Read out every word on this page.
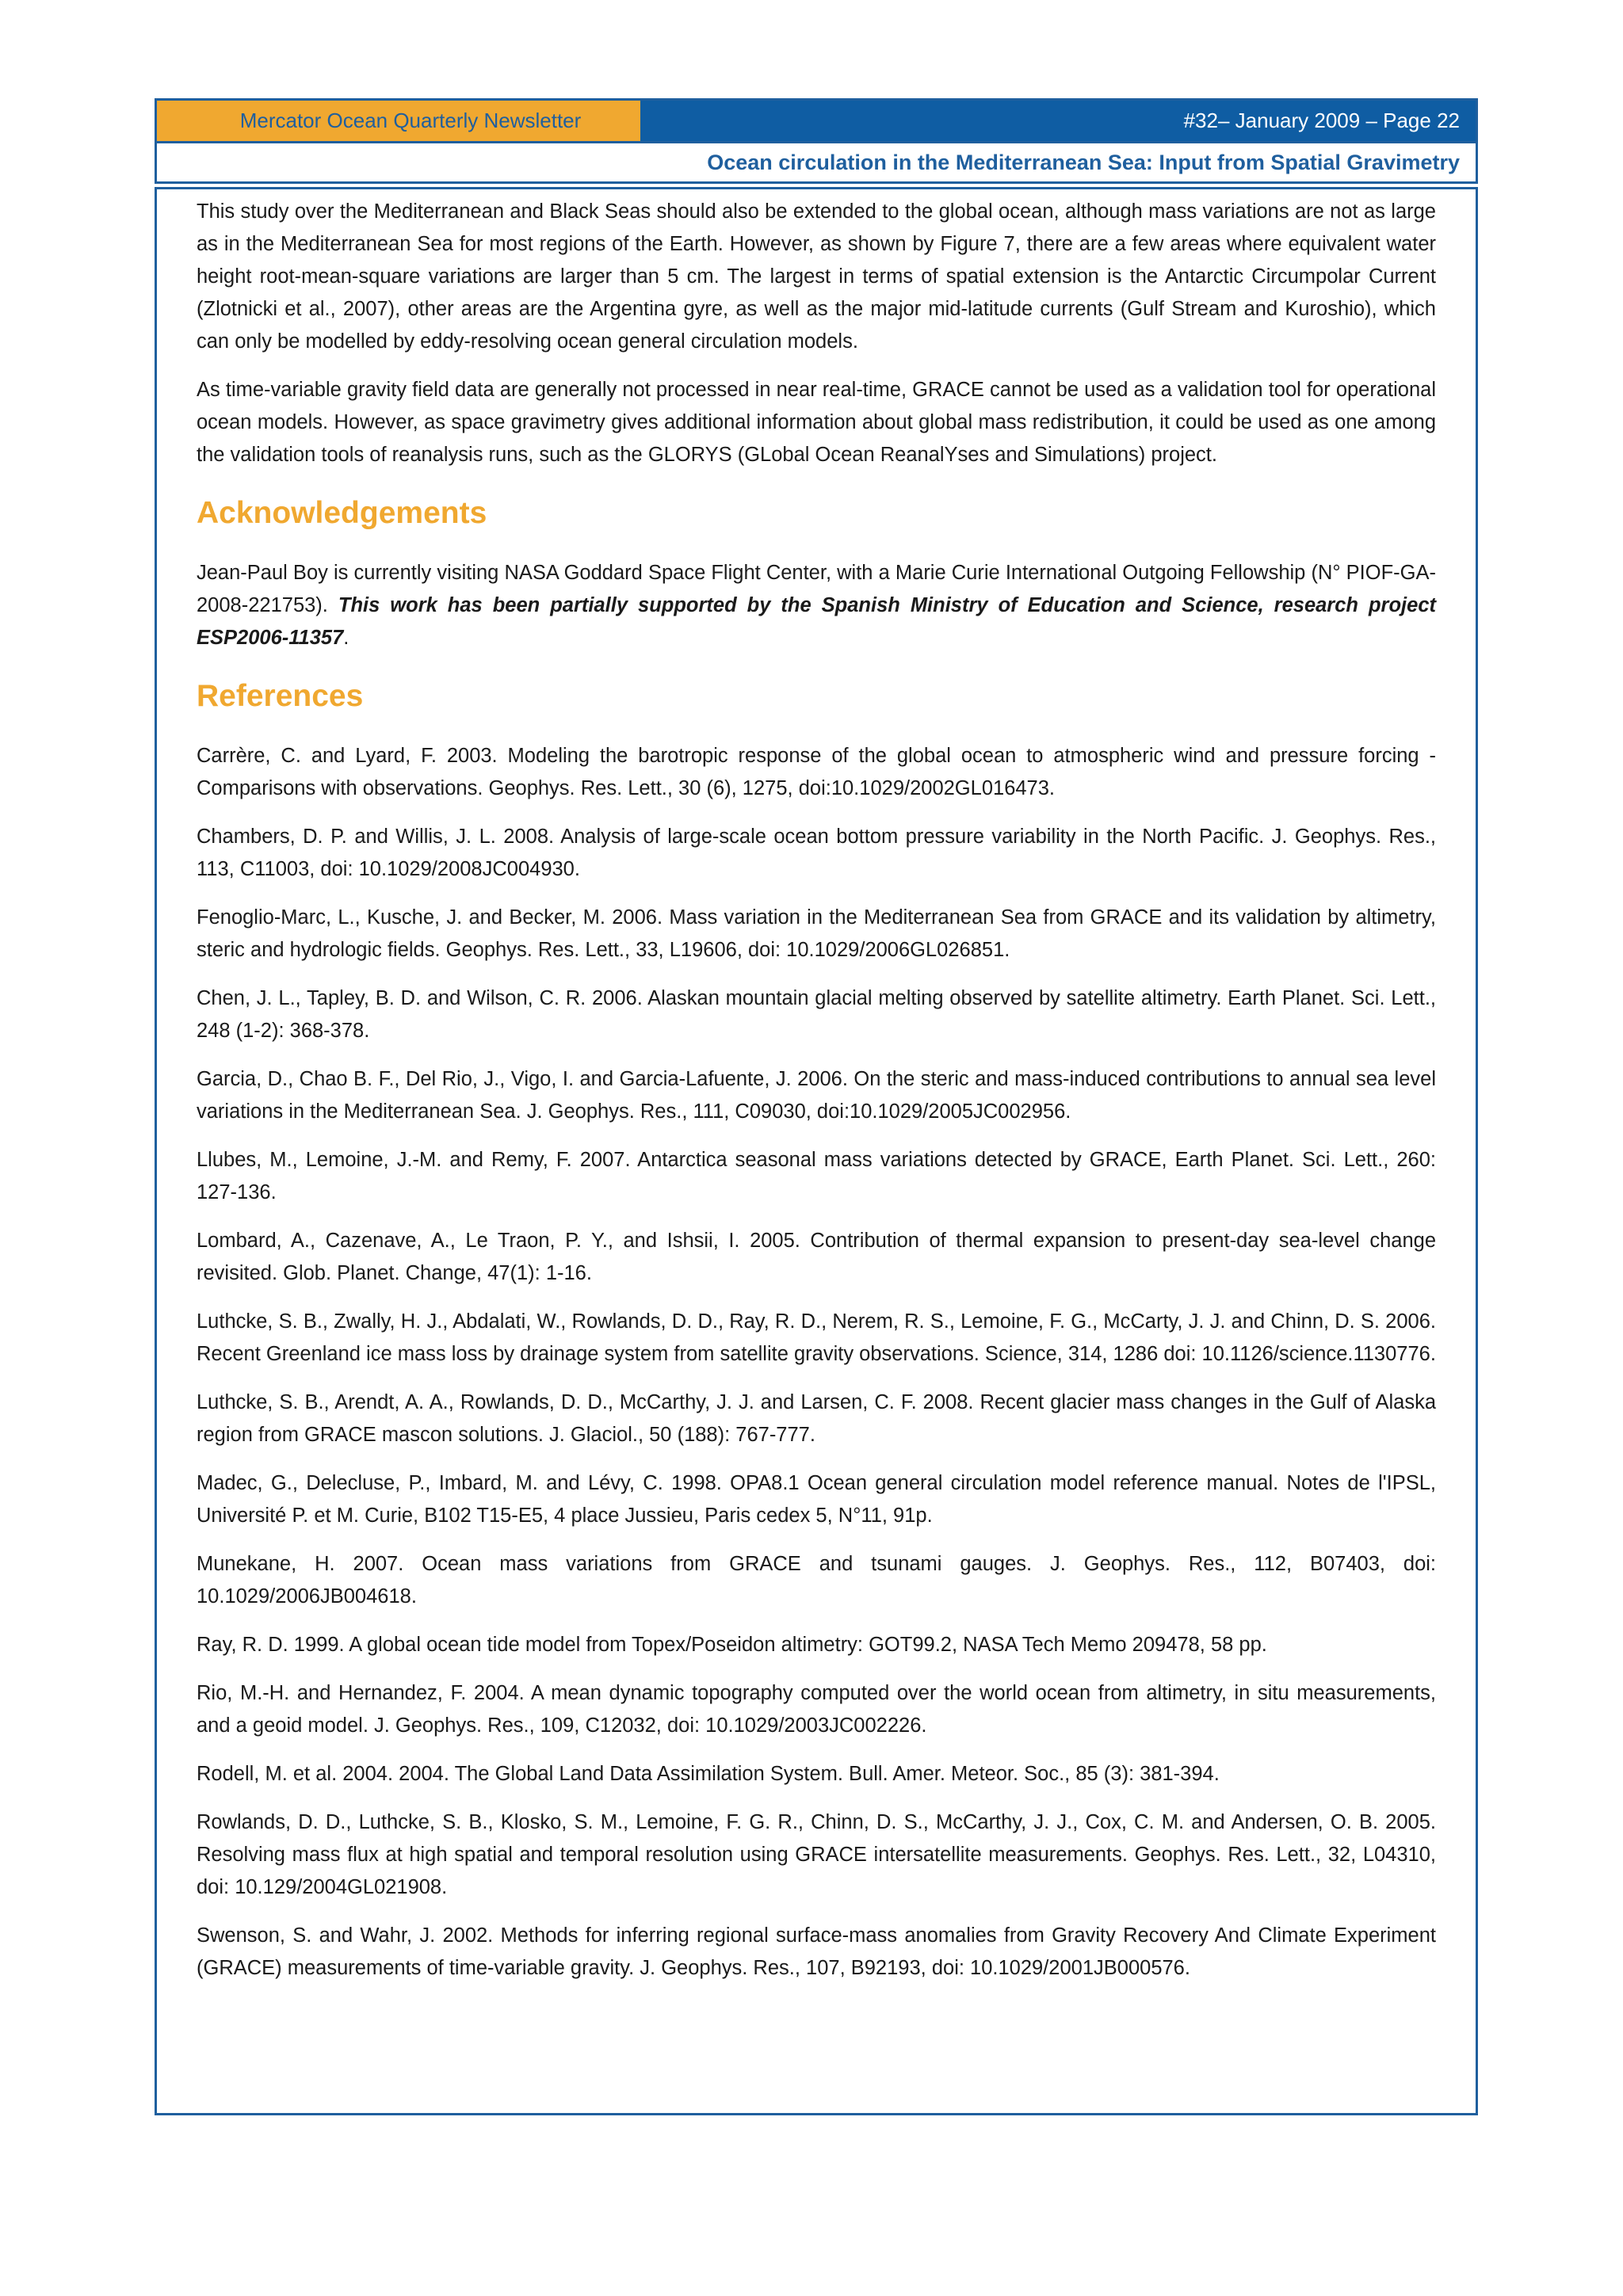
Mercator Ocean Quarterly Newsletter	#32– January 2009 – Page 22
Ocean circulation in the Mediterranean Sea: Input from Spatial Gravimetry

This study over the Mediterranean and Black Seas should also be extended to the global ocean, although mass variations are not as large as in the Mediterranean Sea for most regions of the Earth. However, as shown by Figure 7, there are a few areas where equivalent water height root-mean-square variations are larger than 5 cm. The largest in terms of spatial extension is the Antarctic Circumpolar Current (Zlotnicki et al., 2007), other areas are the Argentina gyre, as well as the major mid-latitude currents (Gulf Stream and Kuroshio), which can only be modelled by eddy-resolving ocean general circulation models.

As time-variable gravity field data are generally not processed in near real-time, GRACE cannot be used as a validation tool for operational ocean models. However, as space gravimetry gives additional information about global mass redistribution, it could be used as one among the validation tools of reanalysis runs, such as the GLORYS (GLobal Ocean ReanalYses and Simulations) project.

Acknowledgements

Jean-Paul Boy is currently visiting NASA Goddard Space Flight Center, with a Marie Curie International Outgoing Fellowship (N° PIOF-GA-2008-221753). This work has been partially supported by the Spanish Ministry of Education and Science, research project ESP2006-11357.

References

Carrère, C. and Lyard, F. 2003. Modeling the barotropic response of the global ocean to atmospheric wind and pressure forcing - Comparisons with observations. Geophys. Res. Lett., 30 (6), 1275, doi:10.1029/2002GL016473.

Chambers, D. P. and Willis, J. L. 2008. Analysis of large-scale ocean bottom pressure variability in the North Pacific. J. Geophys. Res., 113, C11003, doi: 10.1029/2008JC004930.

Fenoglio-Marc, L., Kusche, J. and Becker, M. 2006. Mass variation in the Mediterranean Sea from GRACE and its validation by altimetry, steric and hydrologic fields. Geophys. Res. Lett., 33, L19606, doi: 10.1029/2006GL026851.

Chen, J. L., Tapley, B. D. and Wilson, C. R. 2006. Alaskan mountain glacial melting observed by satellite altimetry. Earth Planet. Sci. Lett., 248 (1-2): 368-378.

Garcia, D., Chao B. F., Del Rio, J., Vigo, I. and Garcia-Lafuente, J. 2006. On the steric and mass-induced contributions to annual sea level variations in the Mediterranean Sea. J. Geophys. Res., 111, C09030, doi:10.1029/2005JC002956.

Llubes, M., Lemoine, J.-M. and Remy, F. 2007. Antarctica seasonal mass variations detected by GRACE, Earth Planet. Sci. Lett., 260: 127-136.

Lombard, A., Cazenave, A., Le Traon, P. Y., and Ishsii, I. 2005. Contribution of thermal expansion to present-day sea-level change revisited. Glob. Planet. Change, 47(1): 1-16.

Luthcke, S. B., Zwally, H. J., Abdalati, W., Rowlands, D. D., Ray, R. D., Nerem, R. S., Lemoine, F. G., McCarty, J. J. and Chinn, D. S. 2006. Recent Greenland ice mass loss by drainage system from satellite gravity observations. Science, 314, 1286 doi: 10.1126/science.1130776.

Luthcke, S. B., Arendt, A. A., Rowlands, D. D., McCarthy, J. J. and Larsen, C. F. 2008. Recent glacier mass changes in the Gulf of Alaska region from GRACE mascon solutions. J. Glaciol., 50 (188): 767-777.

Madec, G., Delecluse, P., Imbard, M. and Lévy, C. 1998. OPA8.1 Ocean general circulation model reference manual. Notes de l'IPSL, Université P. et M. Curie, B102 T15-E5, 4 place Jussieu, Paris cedex 5, N°11, 91p.

Munekane, H. 2007. Ocean mass variations from GRACE and tsunami gauges. J. Geophys. Res., 112, B07403, doi: 10.1029/2006JB004618.

Ray, R. D. 1999. A global ocean tide model from Topex/Poseidon altimetry: GOT99.2, NASA Tech Memo 209478, 58 pp.

Rio, M.-H. and Hernandez, F. 2004. A mean dynamic topography computed over the world ocean from altimetry, in situ measurements, and a geoid model. J. Geophys. Res., 109, C12032, doi: 10.1029/2003JC002226.

Rodell, M. et al. 2004. 2004. The Global Land Data Assimilation System. Bull. Amer. Meteor. Soc., 85 (3): 381-394.

Rowlands, D. D., Luthcke, S. B., Klosko, S. M., Lemoine, F. G. R., Chinn, D. S., McCarthy, J. J., Cox, C. M. and Andersen, O. B. 2005. Resolving mass flux at high spatial and temporal resolution using GRACE intersatellite measurements. Geophys. Res. Lett., 32, L04310, doi: 10.129/2004GL021908.

Swenson, S. and Wahr, J. 2002. Methods for inferring regional surface-mass anomalies from Gravity Recovery And Climate Experiment (GRACE) measurements of time-variable gravity. J. Geophys. Res., 107, B92193, doi: 10.1029/2001JB000576.
